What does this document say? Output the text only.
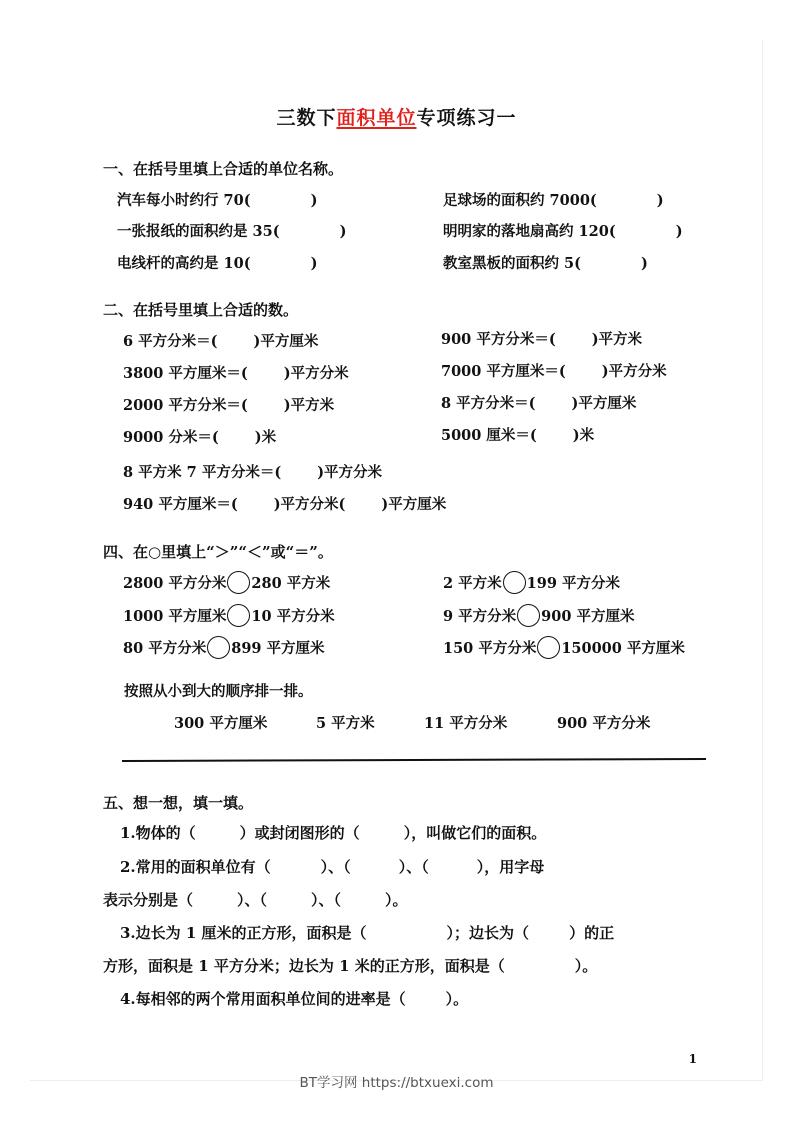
三数下面积单位专项练习一
一、在括号里填上合适的单位名称。
汽车每小时约行 70(	)	足球场的面积约 7000(	)
一张报纸的面积约是 35(	)	明明家的落地扇高约 120(	)
电线杆的高约是 10(	)	教室黑板的面积约 5(	)
二、在括号里填上合适的数。
6 平方分米＝( )平方厘米	900 平方分米＝( )平方米
3800 平方厘米＝( )平方分米	7000 平方厘米＝( )平方分米
2000 平方分米＝( )平方米	8 平方分米＝( )平方厘米
9000 分米＝( )米	5000 厘米＝( )米
8 平方米 7 平方分米＝( )平方分米
940 平方厘米＝( )平方分米( )平方厘米
四、在○里填上“＞”“＜”或“＝”。
2800 平方分米 280 平方米	2 平方米 199 平方分米
1000 平方厘米 10 平方分米	9 平方分米 900 平方厘米
80 平方分米 899 平方厘米	150 平方分米 150000 平方厘米
按照从小到大的顺序排一排。
300 平方厘米	5 平方米	11 平方分米	900 平方分米
五、想一想，填一填。
1.物体的（	）或封闭图形的（	），叫做它们的面积。
2.常用的面积单位有（	）、（	）、（	），用字母
表示分别是（	）、（	）、（	）。
3.边长为 1 厘米的正方形，面积是（	）；边长为（	）的正
方形，面积是 1 平方分米；边长为 1 米的正方形，面积是（	）。
4.每相邻的两个常用面积单位间的进率是（	）。
1
BT学习网 https://btxuexi.com
